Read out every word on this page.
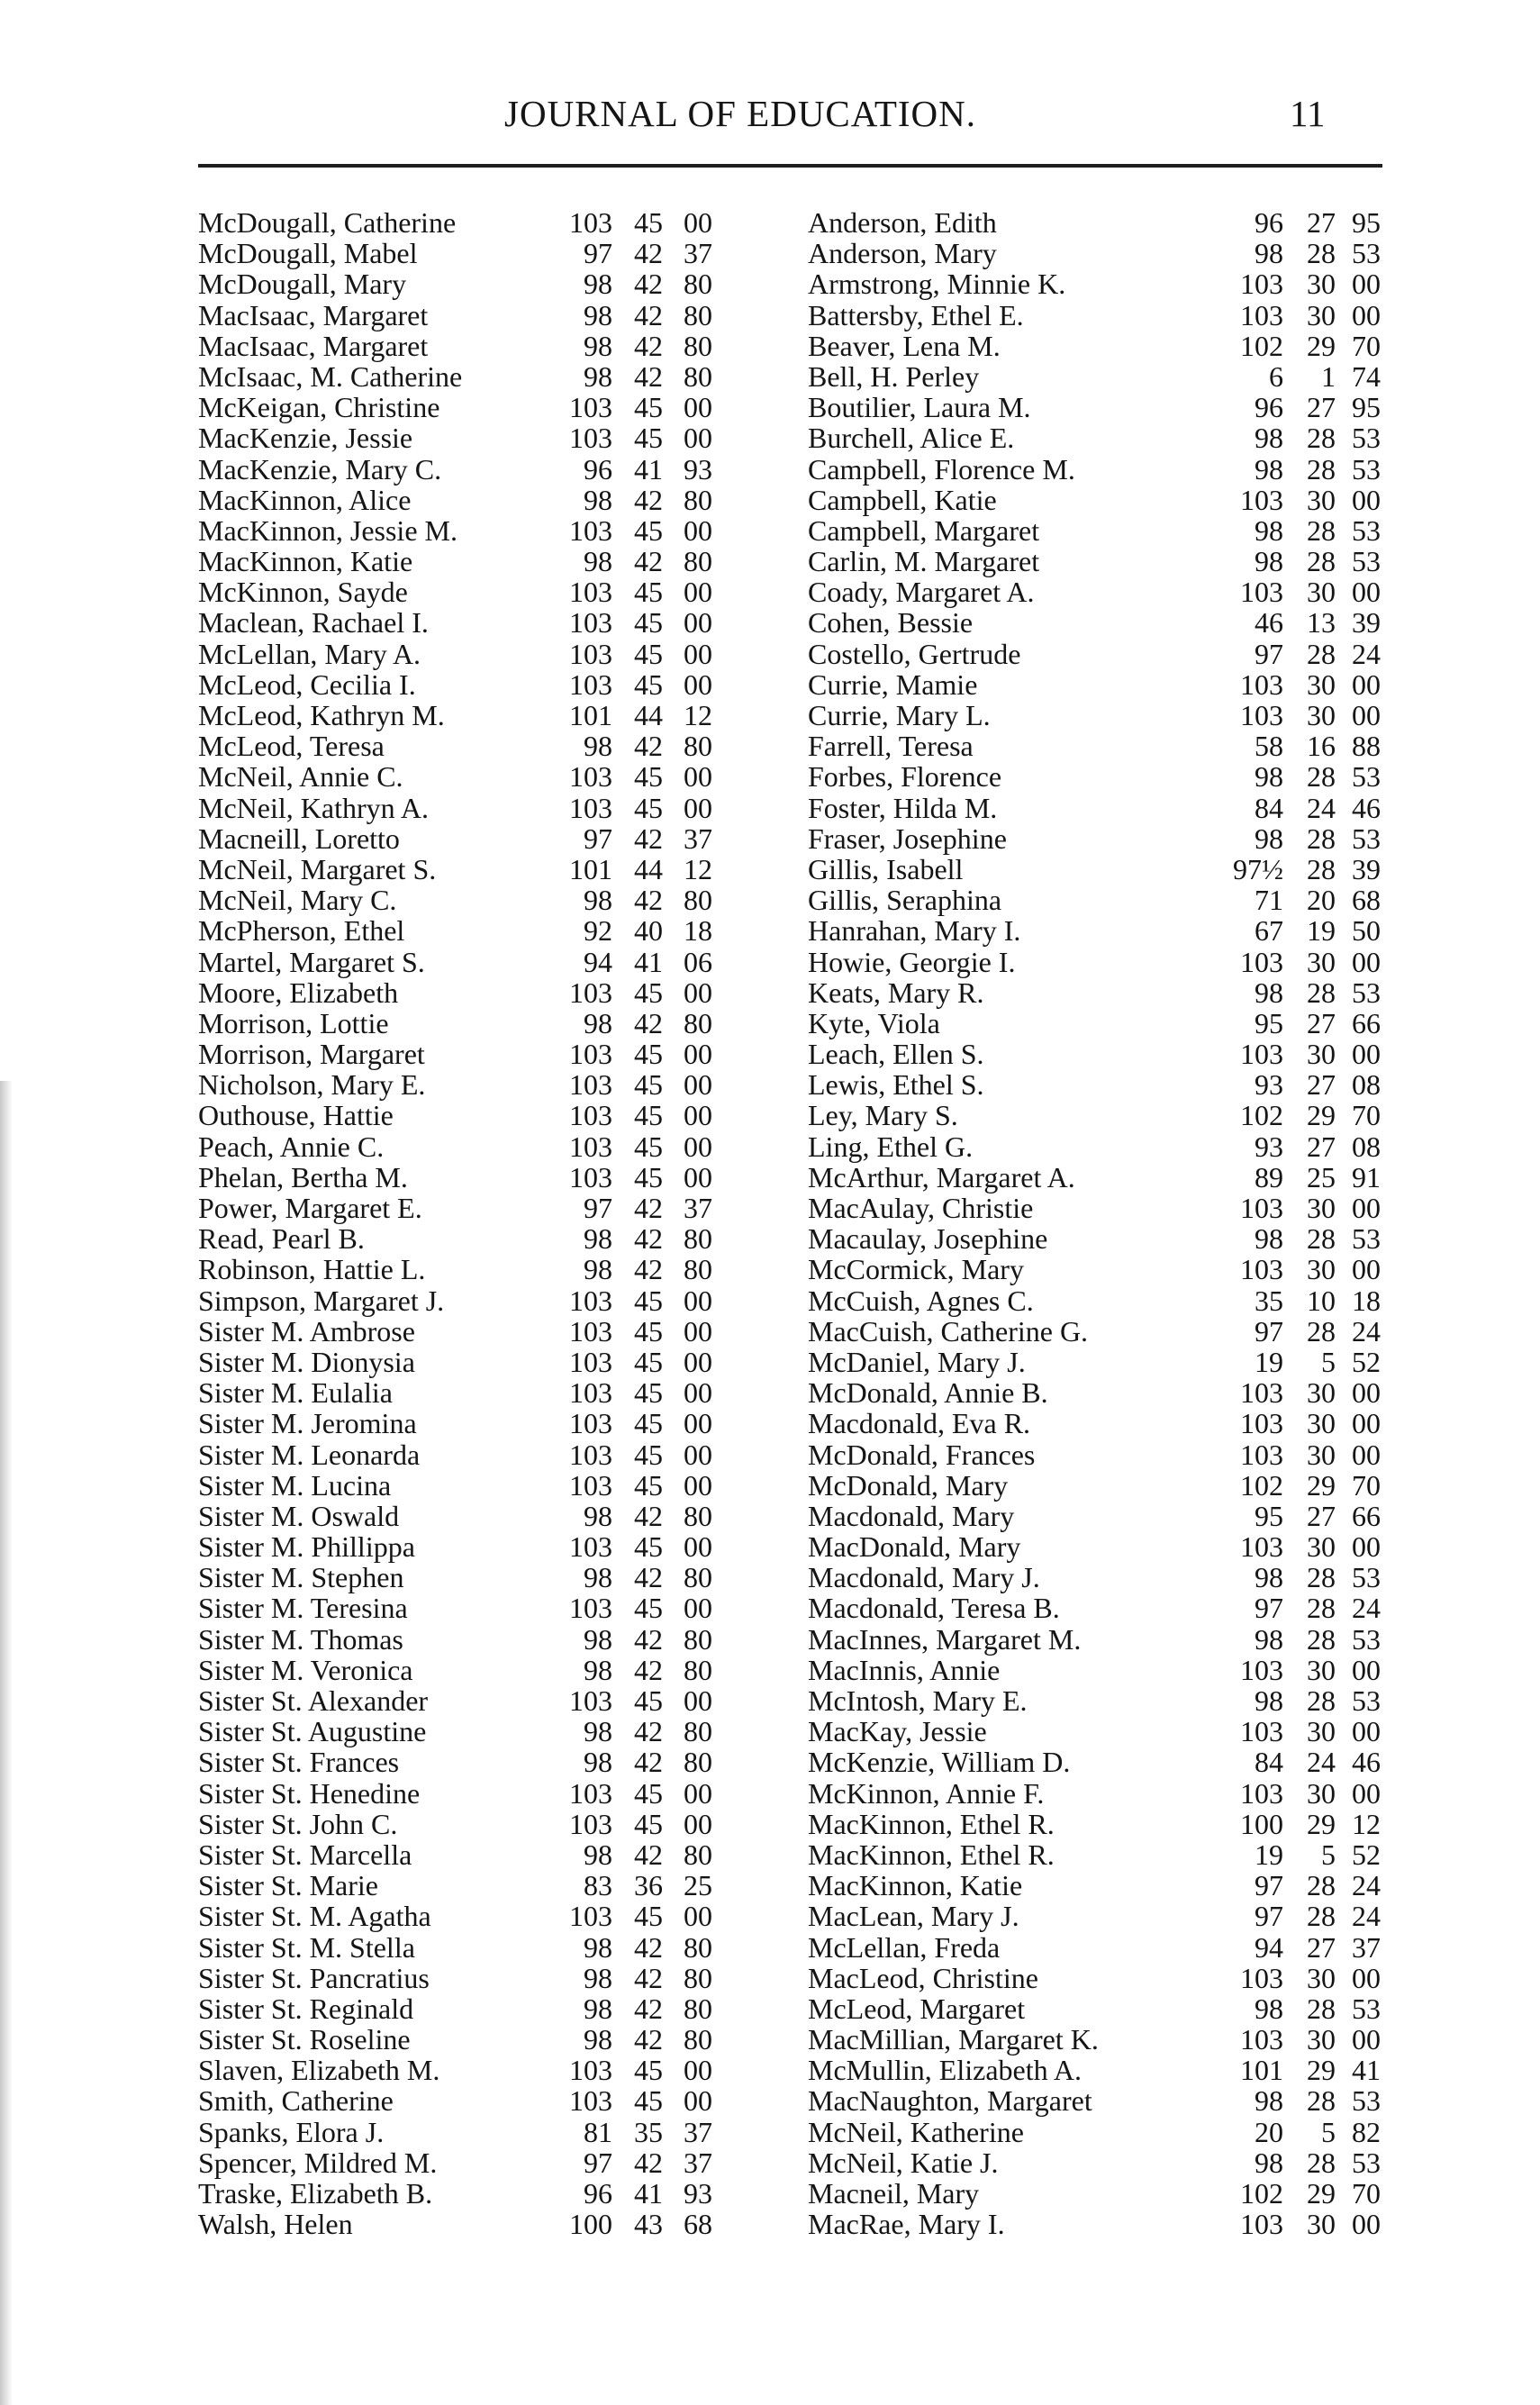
JOURNAL OF EDUCATION.	11
McDougall, Catherine	103 45 00
McDougall, Mabel	97 42 37
McDougall, Mary	98 42 80
MacIsaac, Margaret	98 42 80
MacIsaac, Margaret	98 42 80
McIsaac, M. Catherine	98 42 80
McKeigan, Christine	103 45 00
MacKenzie, Jessie	103 45 00
MacKenzie, Mary C.	96 41 93
MacKinnon, Alice	98 42 80
MacKinnon, Jessie M.	103 45 00
MacKinnon, Katie	98 42 80
McKinnon, Sayde	103 45 00
Maclean, Rachael I.	103 45 00
McLellan, Mary A.	103 45 00
McLeod, Cecilia I.	103 45 00
McLeod, Kathryn M.	101 44 12
McLeod, Teresa	98 42 80
McNeil, Annie C.	103 45 00
McNeil, Kathryn A.	103 45 00
Macneill, Loretto	97 42 37
McNeil, Margaret S.	101 44 12
McNeil, Mary C.	98 42 80
McPherson, Ethel	92 40 18
Martel, Margaret S.	94 41 06
Moore, Elizabeth	103 45 00
Morrison, Lottie	98 42 80
Morrison, Margaret	103 45 00
Nicholson, Mary E.	103 45 00
Outhouse, Hattie	103 45 00
Peach, Annie C.	103 45 00
Phelan, Bertha M.	103 45 00
Power, Margaret E.	97 42 37
Read, Pearl B.	98 42 80
Robinson, Hattie L.	98 42 80
Simpson, Margaret J.	103 45 00
Sister M. Ambrose	103 45 00
Sister M. Dionysia	103 45 00
Sister M. Eulalia	103 45 00
Sister M. Jeromina	103 45 00
Sister M. Leonarda	103 45 00
Sister M. Lucina	103 45 00
Sister M. Oswald	98 42 80
Sister M. Phillippa	103 45 00
Sister M. Stephen	98 42 80
Sister M. Teresina	103 45 00
Sister M. Thomas	98 42 80
Sister M. Veronica	98 42 80
Sister St. Alexander	103 45 00
Sister St. Augustine	98 42 80
Sister St. Frances	98 42 80
Sister St. Henedine	103 45 00
Sister St. John C.	103 45 00
Sister St. Marcella	98 42 80
Sister St. Marie	83 36 25
Sister St. M. Agatha	103 45 00
Sister St. M. Stella	98 42 80
Sister St. Pancratius	98 42 80
Sister St. Reginald	98 42 80
Sister St. Roseline	98 42 80
Slaven, Elizabeth M.	103 45 00
Smith, Catherine	103 45 00
Spanks, Elora J.	81 35 37
Spencer, Mildred M.	97 42 37
Traske, Elizabeth B.	96 41 93
Walsh, Helen	100 43 68
Anderson, Edith	96 27 95
Anderson, Mary	98 28 53
Armstrong, Minnie K.	103 30 00
Battersby, Ethel E.	103 30 00
Beaver, Lena M.	102 29 70
Bell, H. Perley	6	1 74
Boutilier, Laura M.	96 27 95
Burchell, Alice E.	98 28 53
Campbell, Florence M.	98 28 53
Campbell, Katie	103 30 00
Campbell, Margaret	98 28 53
Carlin, M. Margaret	98 28 53
Coady, Margaret A.	103 30 00
Cohen, Bessie	46 13 39
Costello, Gertrude	97 28 24
Currie, Mamie	103 30 00
Currie, Mary L.	103 30 00
Farrell, Teresa	58 16 88
Forbes, Florence	98 28 53
Foster, Hilda M.	84 24 46
Fraser, Josephine	98 28 53
Gillis, Isabell	97½ 28 39
Gillis, Seraphina	71 20 68
Hanrahan, Mary I.	67 19 50
Howie, Georgie I.	103 30 00
Keats, Mary R.	98 28 53
Kyte, Viola	95 27 66
Leach, Ellen S.	103 30 00
Lewis, Ethel S.	93 27 08
Ley, Mary S.	102 29 70
Ling, Ethel G.	93 27 08
McArthur, Margaret A.	89 25 91
MacAulay, Christie	103 30 00
Macaulay, Josephine	98 28 53
McCormick, Mary	103 30 00
McCuish, Agnes C.	35 10 18
MacCuish, Catherine G.	97 28 24
McDaniel, Mary J.	19	5 52
McDonald, Annie B.	103 30 00
Macdonald, Eva R.	103 30 00
McDonald, Frances	103 30 00
McDonald, Mary	102 29 70
Macdonald, Mary	95 27 66
MacDonald, Mary	103 30 00
Macdonald, Mary J.	98 28 53
Macdonald, Teresa B.	97 28 24
MacInnes, Margaret M.	98 28 53
MacInnis, Annie	103 30 00
McIntosh, Mary E.	98 28 53
MacKay, Jessie	103 30 00
McKenzie, William D.	84 24 46
McKinnon, Annie F.	103 30 00
MacKinnon, Ethel R.	100 29 12
MacKinnon, Ethel R.	19	5 52
MacKinnon, Katie	97 28 24
MacLean, Mary J.	97 28 24
McLellan, Freda	94 27 37
MacLeod, Christine	103 30 00
McLeod, Margaret	98 28 53
MacMillian, Margaret K.	103 30 00
McMullin, Elizabeth A.	101 29 41
MacNaughton, Margaret	98 28 53
McNeil, Katherine	20	5 82
McNeil, Katie J.	98 28 53
Macneil, Mary	102 29 70
MacRae, Mary I.	103 30 00
